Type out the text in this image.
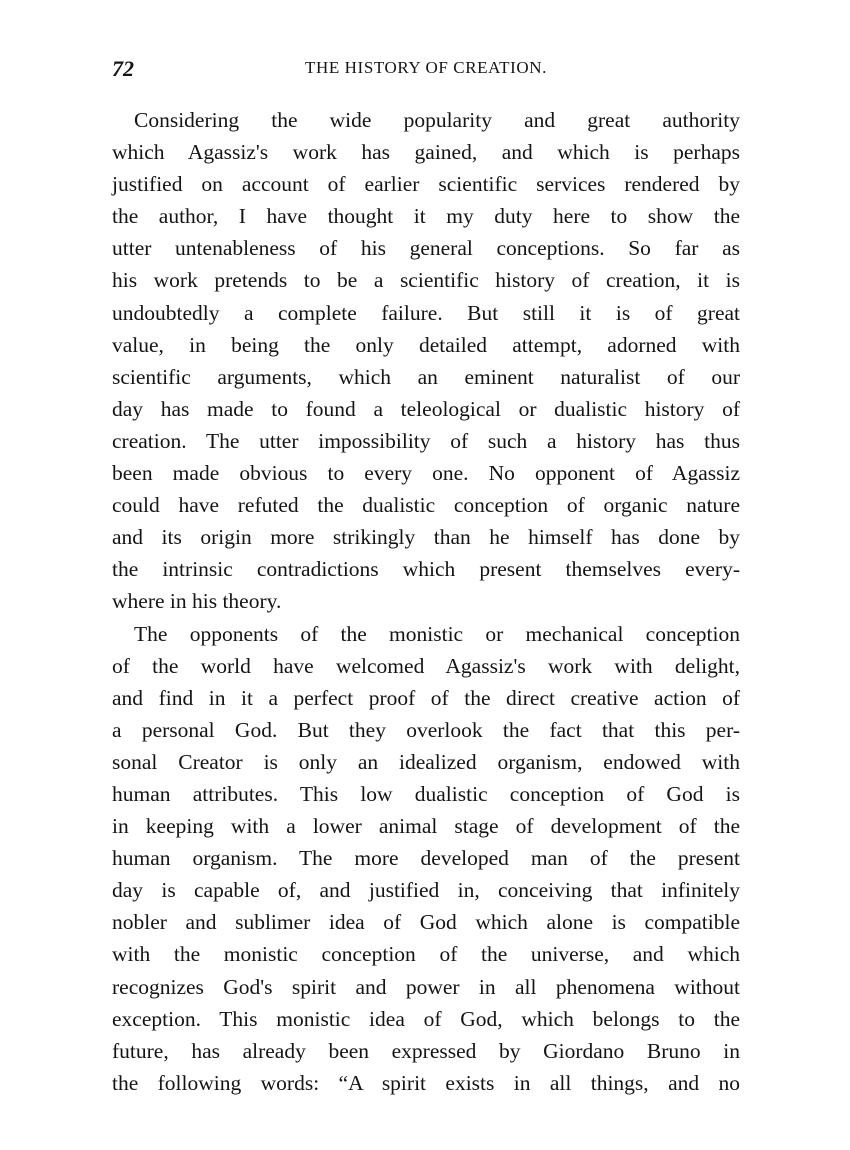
72	THE HISTORY OF CREATION.
Considering the wide popularity and great authority
which Agassiz's work has gained, and which is perhaps
justified on account of earlier scientific services rendered by
the author, I have thought it my duty here to show the
utter untenableness of his general conceptions. So far as
his work pretends to be a scientific history of creation, it is
undoubtedly a complete failure. But still it is of great
value, in being the only detailed attempt, adorned with
scientific arguments, which an eminent naturalist of our
day has made to found a teleological or dualistic history of
creation. The utter impossibility of such a history has thus
been made obvious to every one. No opponent of Agassiz
could have refuted the dualistic conception of organic nature
and its origin more strikingly than he himself has done by
the intrinsic contradictions which present themselves every-
where in his theory.
The opponents of the monistic or mechanical conception
of the world have welcomed Agassiz's work with delight,
and find in it a perfect proof of the direct creative action of
a personal God. But they overlook the fact that this per-
sonal Creator is only an idealized organism, endowed with
human attributes. This low dualistic conception of God is
in keeping with a lower animal stage of development of the
human organism. The more developed man of the present
day is capable of, and justified in, conceiving that infinitely
nobler and sublimer idea of God which alone is compatible
with the monistic conception of the universe, and which
recognizes God's spirit and power in all phenomena without
exception. This monistic idea of God, which belongs to the
future, has already been expressed by Giordano Bruno in
the following words: “A spirit exists in all things, and no
